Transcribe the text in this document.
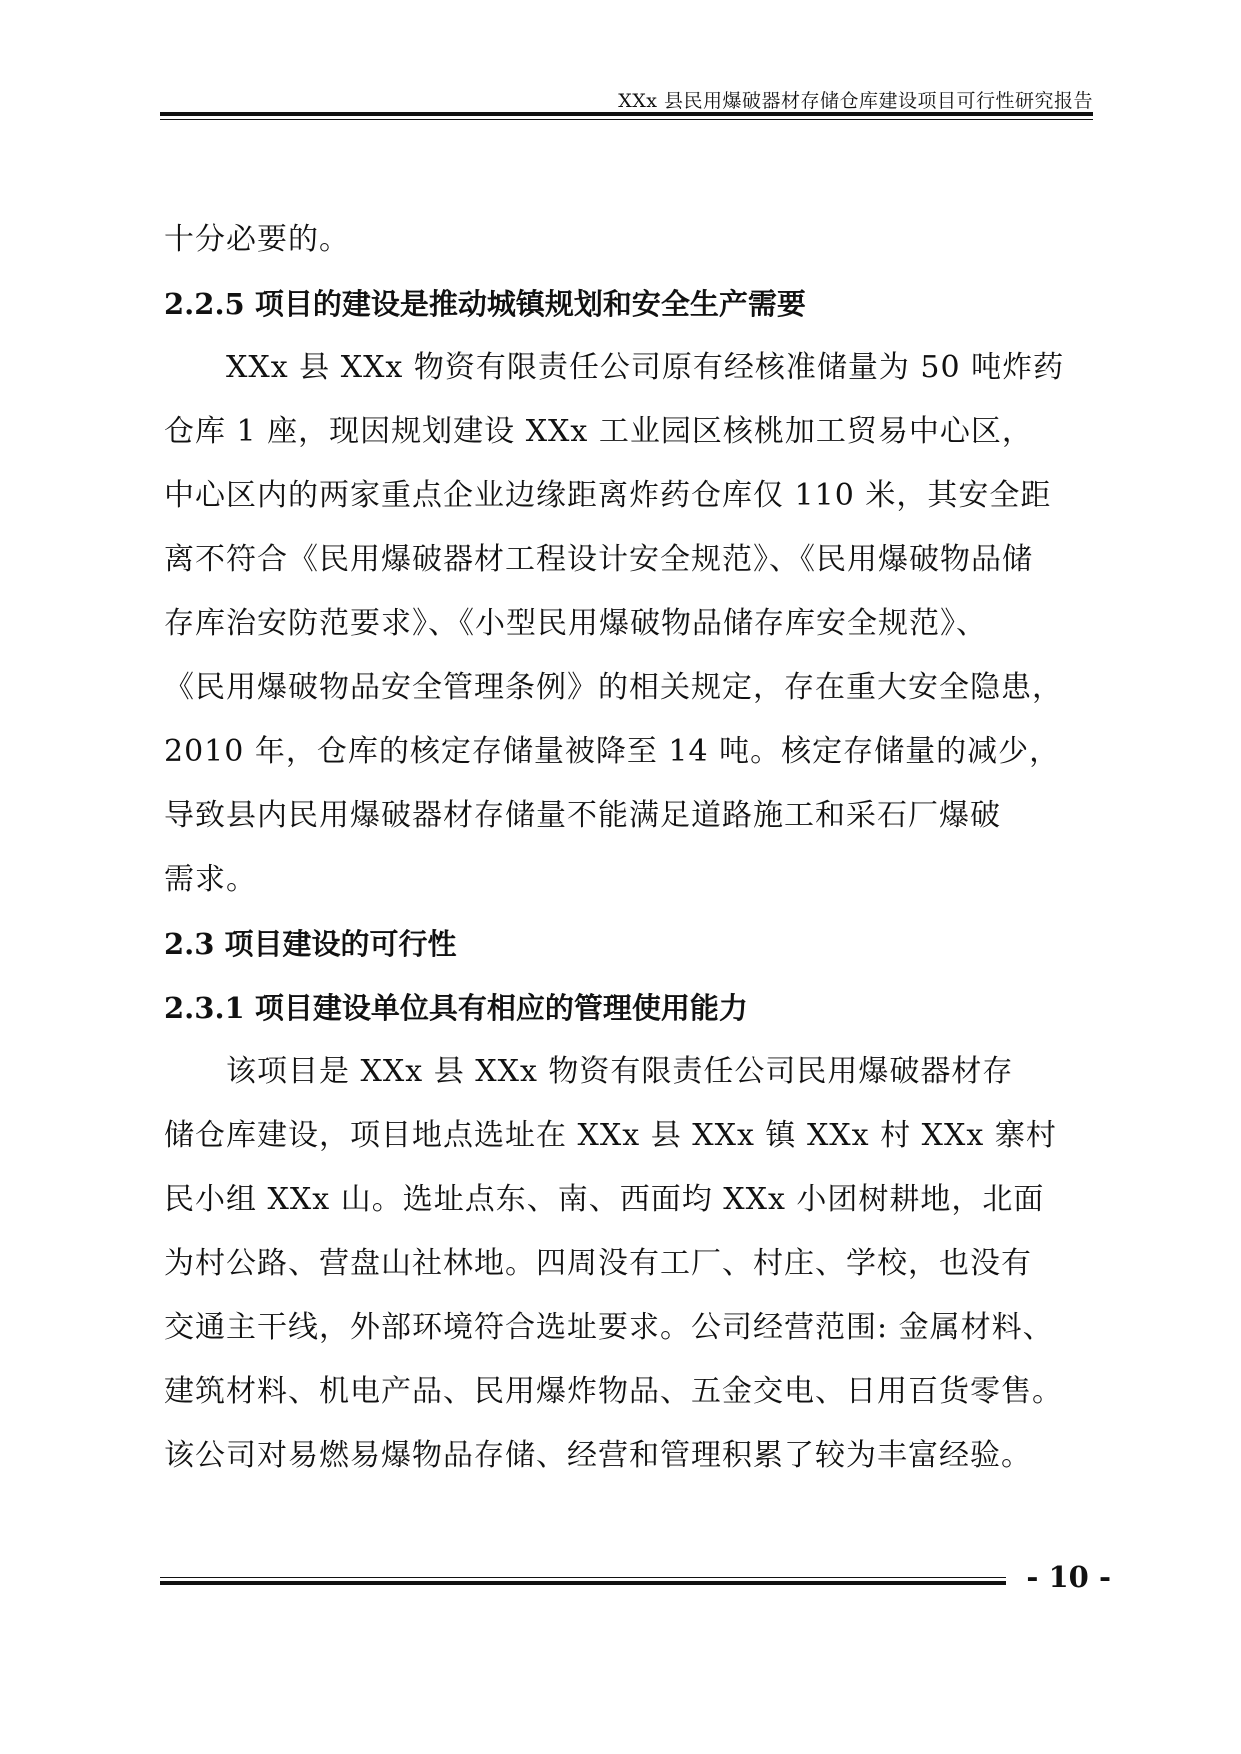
XXx 县民用爆破器材存储仓库建设项目可行性研究报告
十分必要的。
2.2.5 项目的建设是推动城镇规划和安全生产需要
XXx 县 XXx 物资有限责任公司原有经核准储量为 50 吨炸药
仓库 1 座，现因规划建设 XXx 工业园区核桃加工贸易中心区，
中心区内的两家重点企业边缘距离炸药仓库仅 110 米，其安全距
离不符合《民用爆破器材工程设计安全规范》、《民用爆破物品储
存库治安防范要求》、《小型民用爆破物品储存库安全规范》、
《民用爆破物品安全管理条例》的相关规定，存在重大安全隐患，
2010 年，仓库的核定存储量被降至 14 吨。核定存储量的减少，
导致县内民用爆破器材存储量不能满足道路施工和采石厂爆破
需求。
2.3 项目建设的可行性
2.3.1 项目建设单位具有相应的管理使用能力
该项目是 XXx 县 XXx 物资有限责任公司民用爆破器材存
储仓库建设，项目地点选址在 XXx 县 XXx 镇 XXx 村 XXx 寨村
民小组 XXx 山。选址点东、南、西面均 XXx 小团树耕地，北面
为村公路、营盘山社林地。四周没有工厂、村庄、学校，也没有
交通主干线，外部环境符合选址要求。公司经营范围: 金属材料、
建筑材料、机电产品、民用爆炸物品、五金交电、日用百货零售。
该公司对易燃易爆物品存储、经营和管理积累了较为丰富经验。
- 10 -
